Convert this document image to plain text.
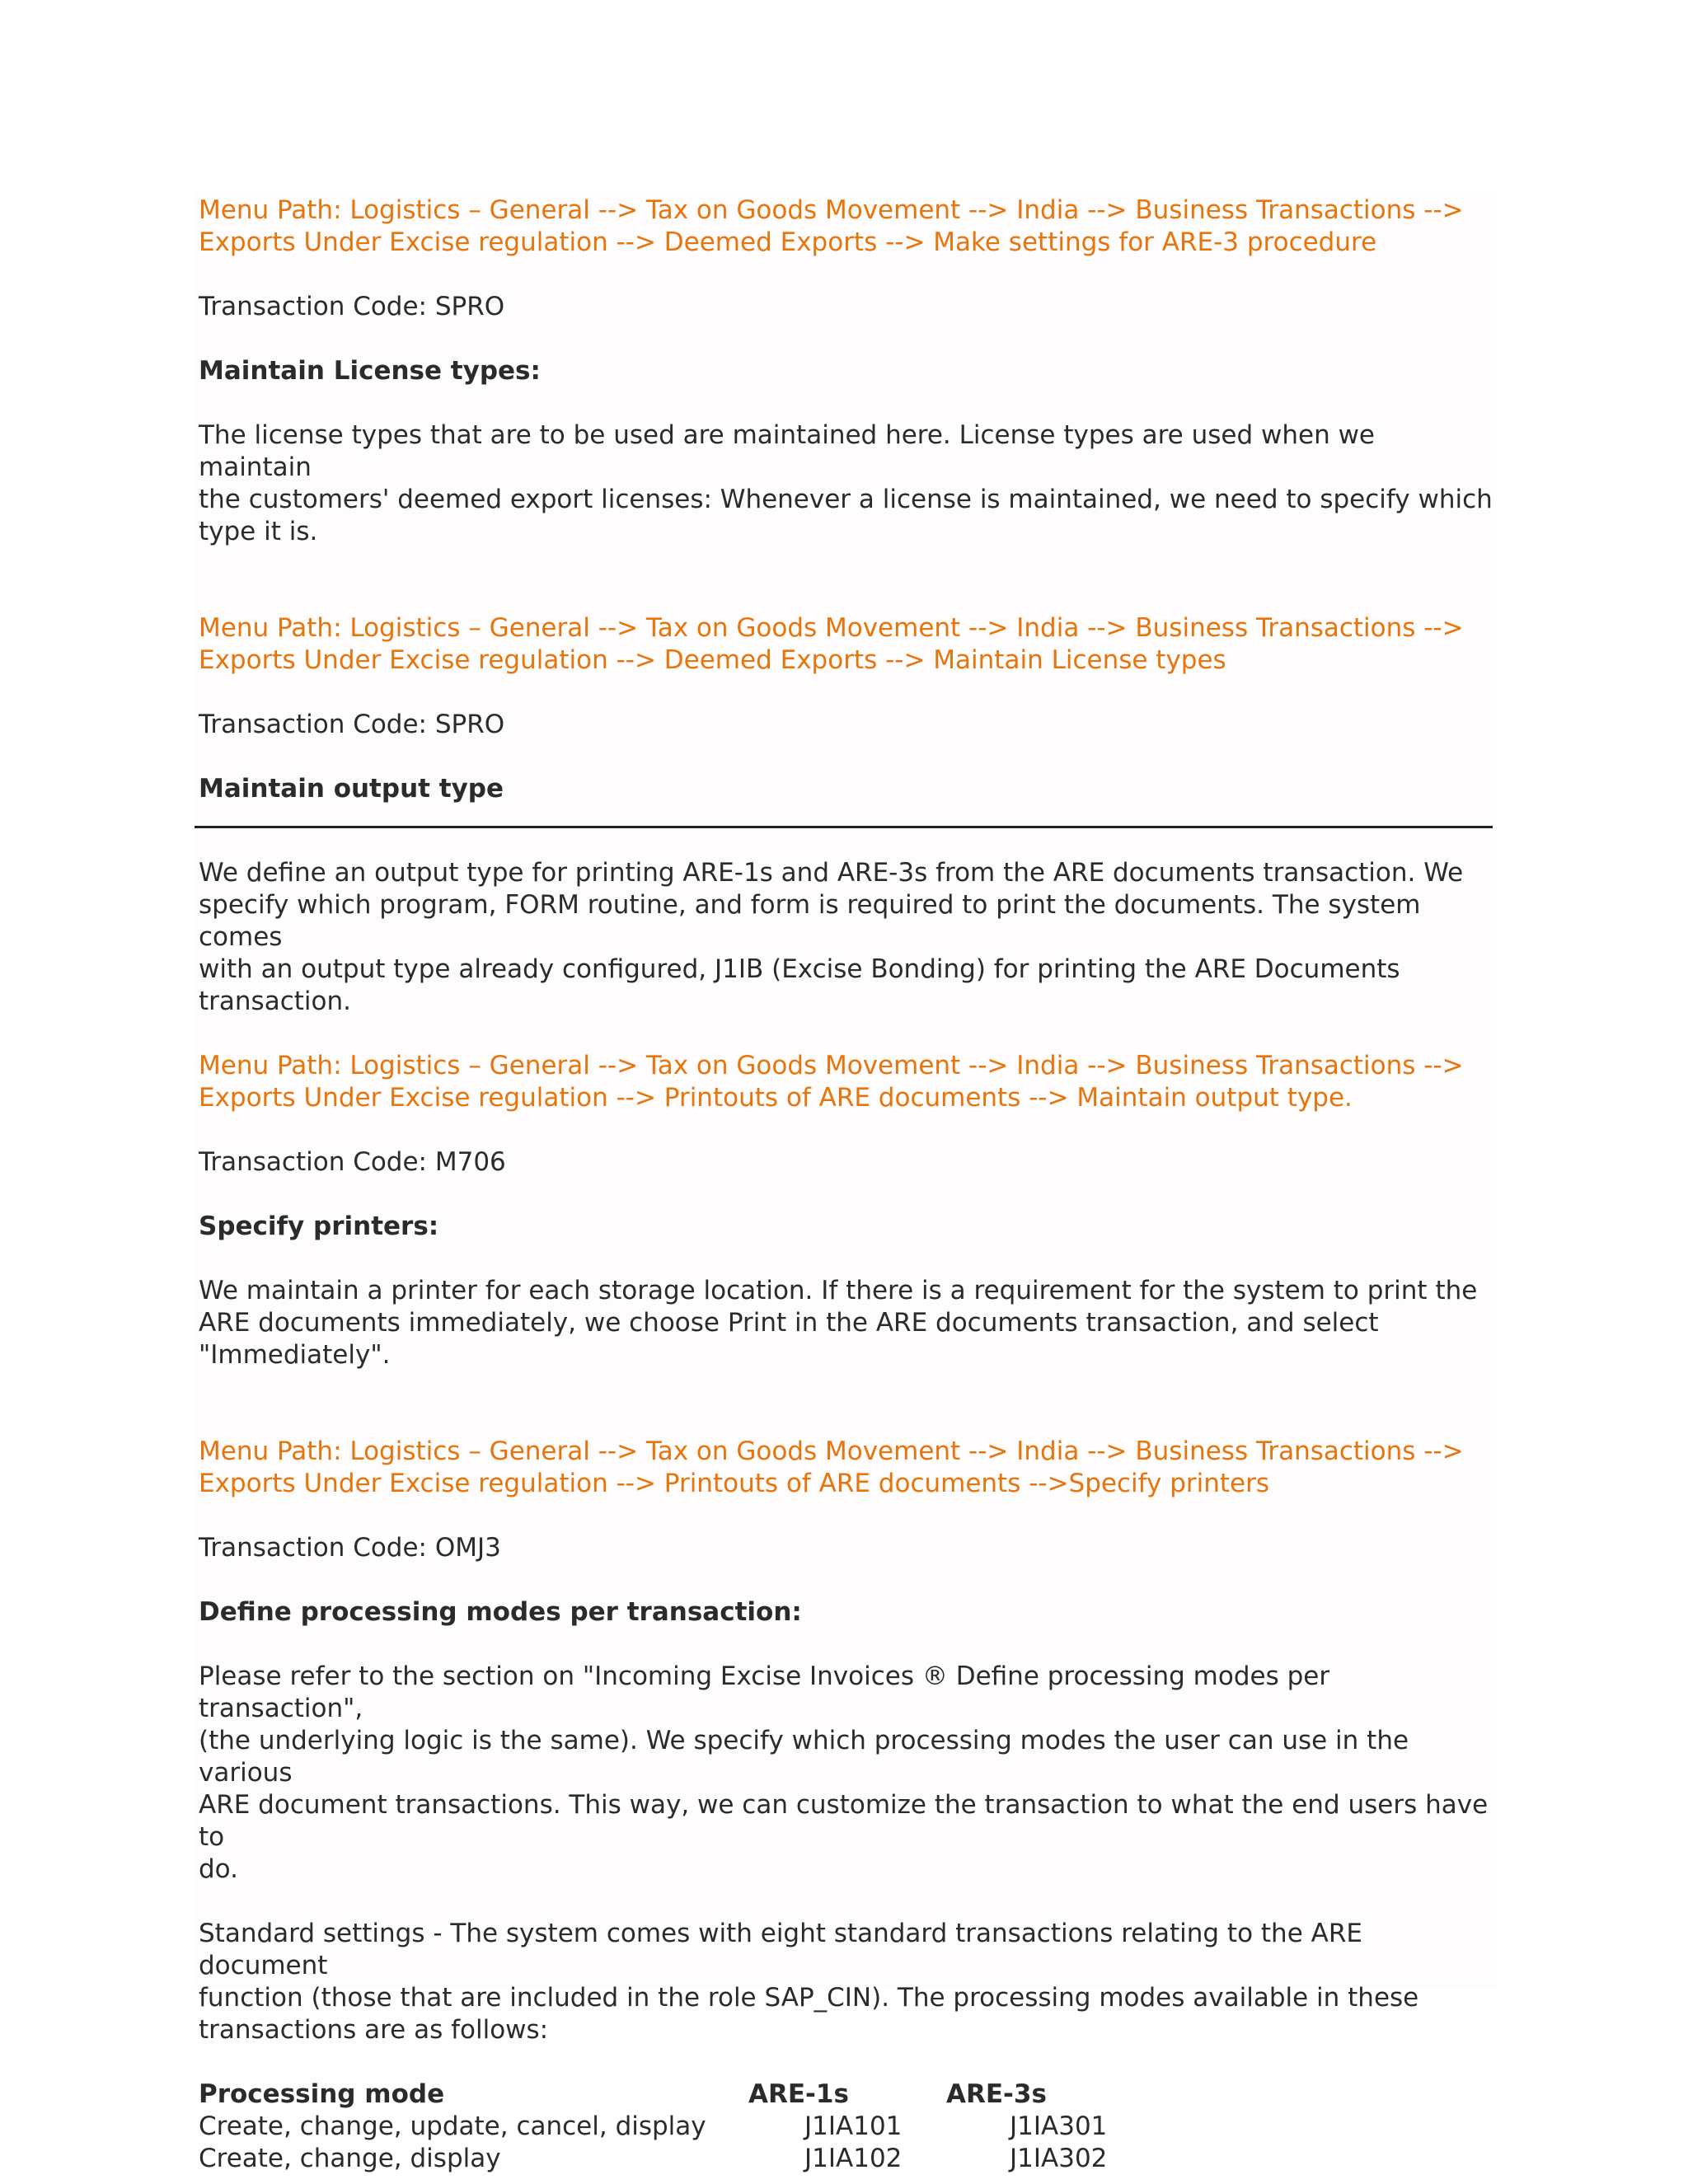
Menu Path: Logistics – General --> Tax on Goods Movement --> India --> Business Transactions -->

Exports Under Excise regulation --> Deemed Exports --> Make settings for ARE-3 procedure

Transaction Code: SPRO

Maintain License types:

The license types that are to be used are maintained here. License types are used when we maintain

the customers' deemed export licenses: Whenever a license is maintained, we need to specify which

type it is.

Menu Path: Logistics – General --> Tax on Goods Movement --> India --> Business Transactions -->

Exports Under Excise regulation --> Deemed Exports --> Maintain License types

Transaction Code: SPRO

Maintain output type

We define an output type for printing ARE-1s and ARE-3s from the ARE documents transaction. We

specify which program, FORM routine, and form is required to print the documents. The system comes

with an output type already configured, J1IB (Excise Bonding) for printing the ARE Documents

transaction.

Menu Path: Logistics – General --> Tax on Goods Movement --> India --> Business Transactions -->

Exports Under Excise regulation --> Printouts of ARE documents --> Maintain output type.

Transaction Code: M706

Specify printers:

We maintain a printer for each storage location. If there is a requirement for the system to print the

ARE documents immediately, we choose Print in the ARE documents transaction, and select

"Immediately".

Menu Path: Logistics – General --> Tax on Goods Movement --> India --> Business Transactions -->

Exports Under Excise regulation --> Printouts of ARE documents -->Specify printers

Transaction Code: OMJ3

Define processing modes per transaction:

Please refer to the section on "Incoming Excise Invoices ® Define processing modes per transaction",

(the underlying logic is the same). We specify which processing modes the user can use in the various

ARE document transactions. This way, we can customize the transaction to what the end users have to

do.

Standard settings - The system comes with eight standard transactions relating to the ARE document

function (those that are included in the role SAP_CIN). The processing modes available in these

transactions are as follows:

Processing mode	ARE-1s	ARE-3s
Create, change, update, cancel, display	J1IA101	J1IA301
Create, change, display	J1IA102	J1IA302
